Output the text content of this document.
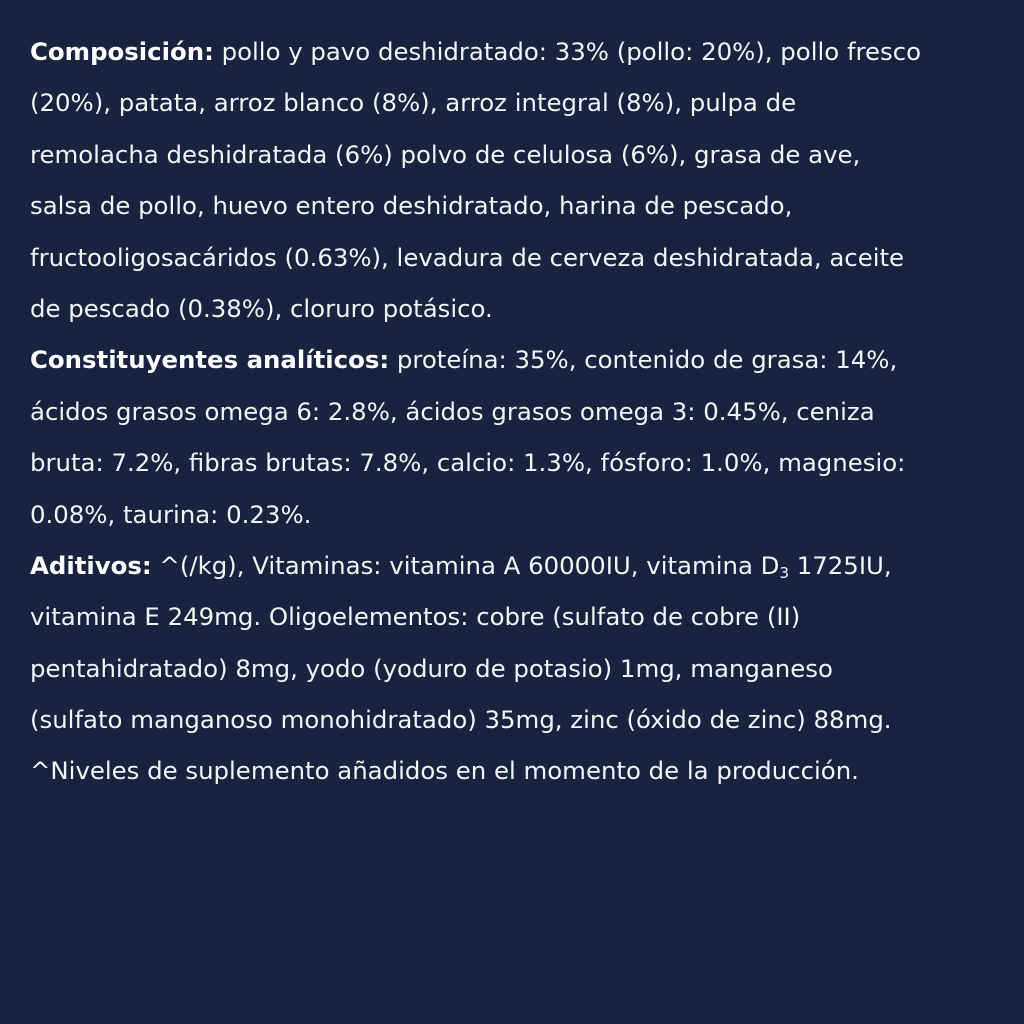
Composición: pollo y pavo deshidratado: 33% (pollo: 20%), pollo fresco
(20%), patata, arroz blanco (8%), arroz integral (8%), pulpa de
remolacha deshidratada (6%) polvo de celulosa (6%), grasa de ave,
salsa de pollo, huevo entero deshidratado, harina de pescado,
fructooligosacáridos (0.63%), levadura de cerveza deshidratada, aceite
de pescado (0.38%), cloruro potásico.
Constituyentes analíticos: proteína: 35%, contenido de grasa: 14%,
ácidos grasos omega 6: 2.8%, ácidos grasos omega 3: 0.45%, ceniza
bruta: 7.2%, fibras brutas: 7.8%, calcio: 1.3%, fósforo: 1.0%, magnesio:
0.08%, taurina: 0.23%.
Aditivos: ^(/kg), Vitaminas: vitamina A 60000IU, vitamina D3 1725IU,
vitamina E 249mg. Oligoelementos: cobre (sulfato de cobre (II)
pentahidratado) 8mg, yodo (yoduro de potasio) 1mg, manganeso
(sulfato manganoso monohidratado) 35mg, zinc (óxido de zinc) 88mg.
^Niveles de suplemento añadidos en el momento de la producción.
